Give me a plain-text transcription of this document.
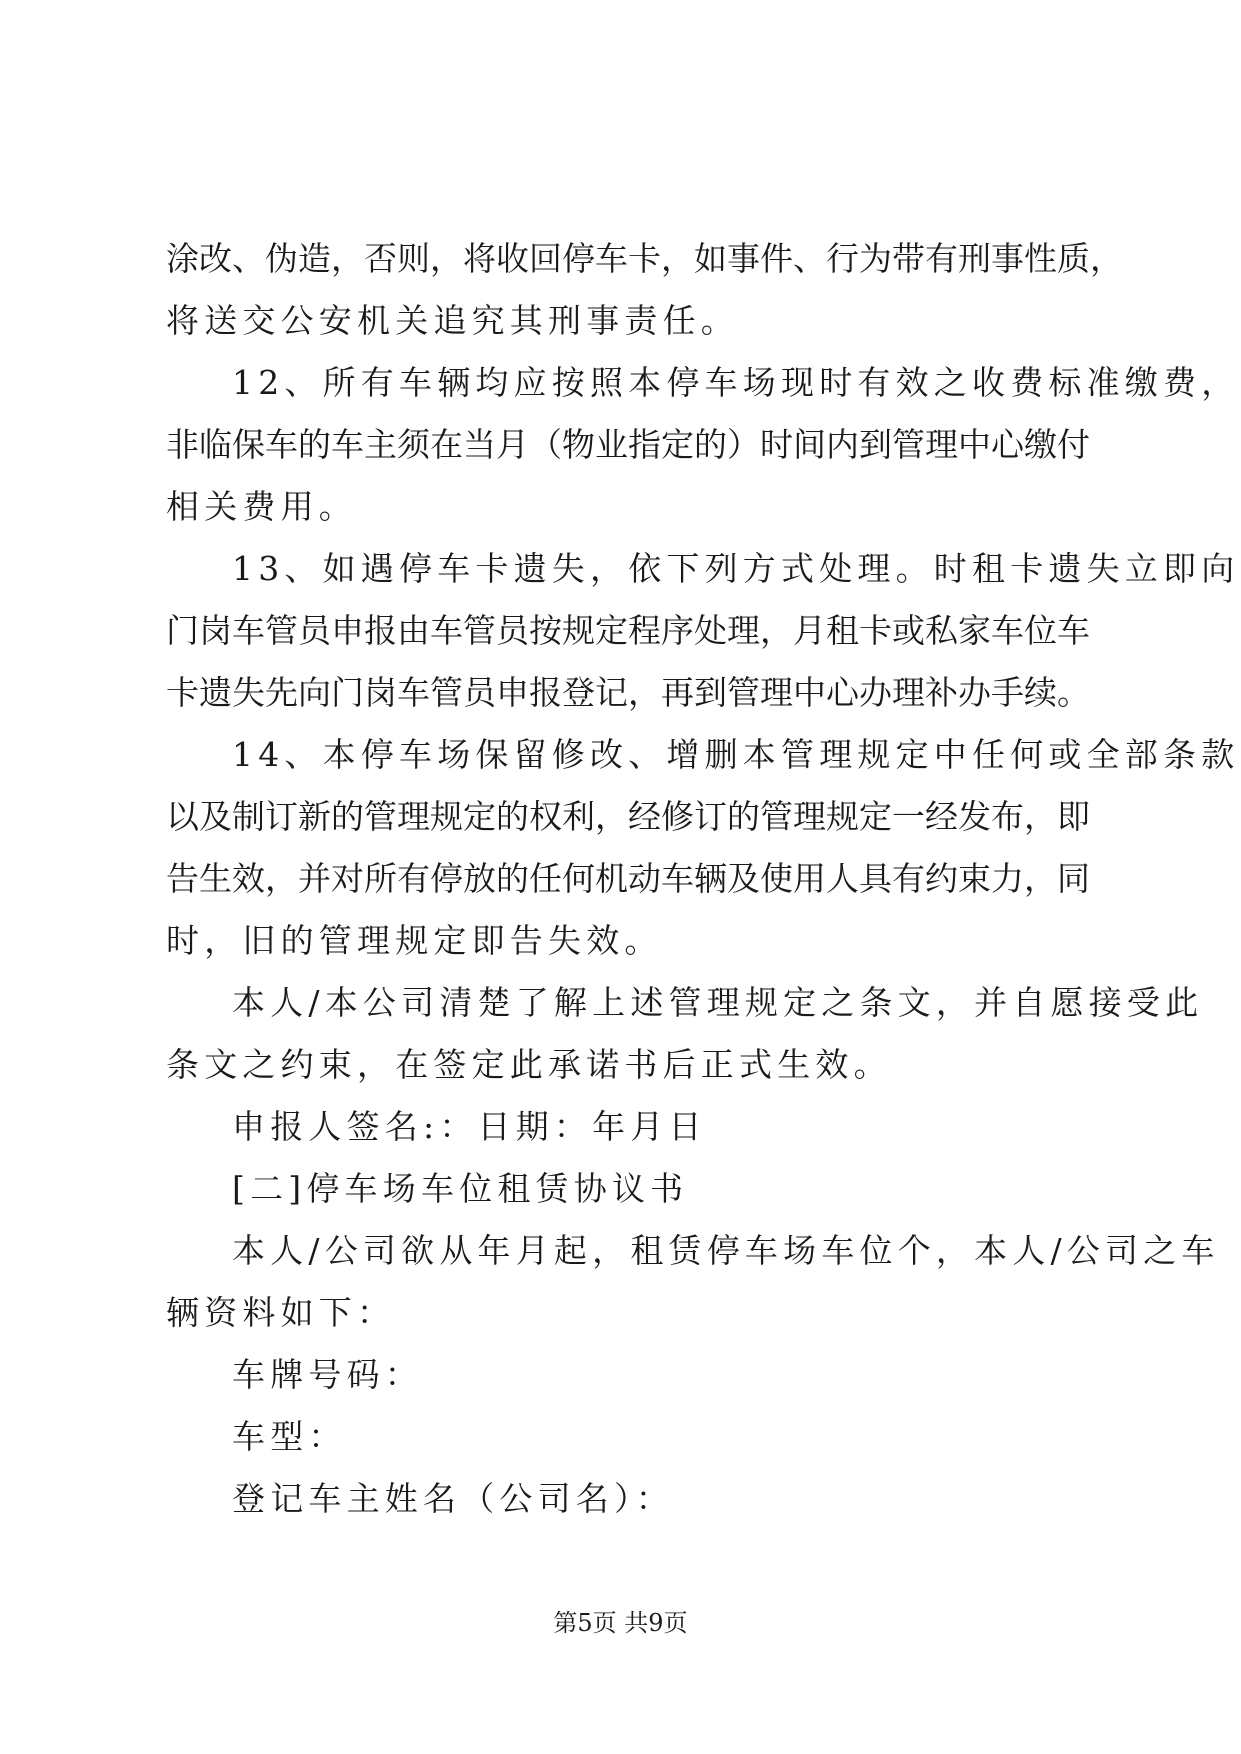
涂改、伪造，否则，将收回停车卡，如事件、行为带有刑事性质，
将送交公安机关追究其刑事责任。
12、所有车辆均应按照本停车场现时有效之收费标准缴费，
非临保车的车主须在当月（物业指定的）时间内到管理中心缴付
相关费用。
13、如遇停车卡遗失，依下列方式处理。时租卡遗失立即向
门岗车管员申报由车管员按规定程序处理，月租卡或私家车位车
卡遗失先向门岗车管员申报登记，再到管理中心办理补办手续。
14、本停车场保留修改、增删本管理规定中任何或全部条款
以及制订新的管理规定的权利，经修订的管理规定一经发布，即
告生效，并对所有停放的任何机动车辆及使用人具有约束力，同
时，旧的管理规定即告失效。
本人/本公司清楚了解上述管理规定之条文，并自愿接受此
条文之约束，在签定此承诺书后正式生效。
申报人签名:：日期：年月日
[二]停车场车位租赁协议书
本人/公司欲从年月起，租赁停车场车位个，本人/公司之车
辆资料如下：
车牌号码：
车型：
登记车主姓名（公司名）：
第5页 共9页
